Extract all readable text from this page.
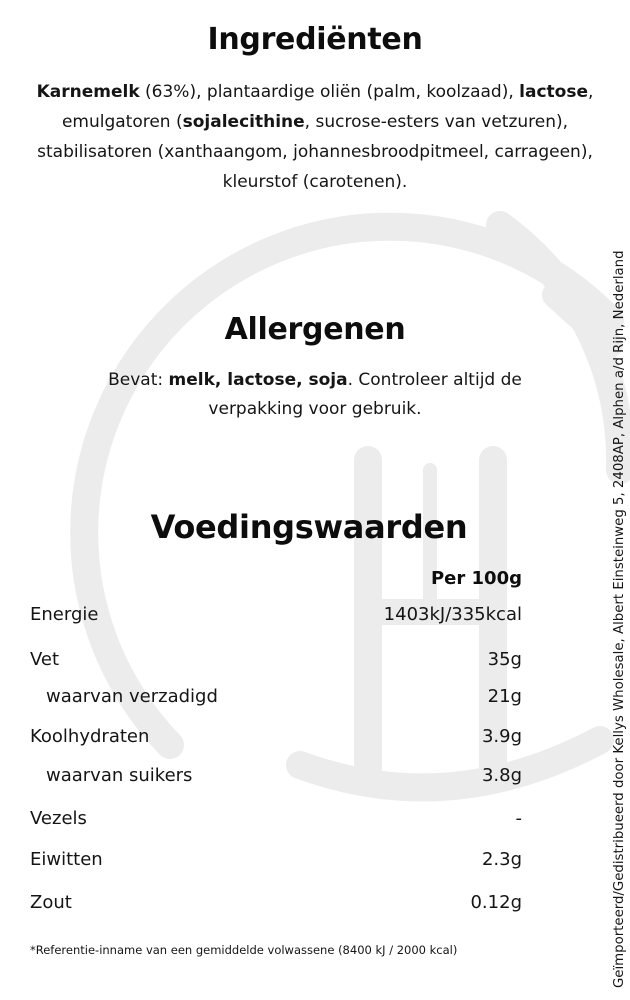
Ingrediënten

Karnemelk (63%), plantaardige oliën (palm, koolzaad), lactose, emulgatoren (sojalecithine, sucrose-esters van vetzuren), stabilisatoren (xanthaangom, johannesbroodpitmeel, carrageen), kleurstof (carotenen).

Allergenen

Bevat: melk, lactose, soja. Controleer altijd de verpakking voor gebruik.

Voedingswaarden
Per 100g
Energie	1403kJ/335kcal
Vet	35g
waarvan verzadigd	21g
Koolhydraten	3.9g
waarvan suikers	3.8g
Vezels	-
Eiwitten	2.3g
Zout	0.12g
*Referentie-inname van een gemiddelde volwassene (8400 kJ / 2000 kcal)	Geïmporteerd/Gedistribueerd door Kellys Wholesale, Albert Einsteinweg 5, 2408AP, Alphen a/d Rijn, Nederland
